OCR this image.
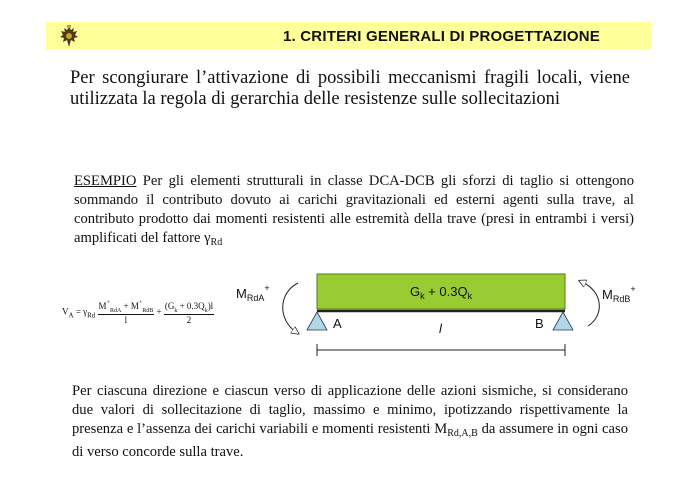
1. CRITERI GENERALI DI PROGETTAZIONE
Per scongiurare l’attivazione di possibili meccanismi fragili locali, viene utilizzata la regola di gerarchia delle resistenze sulle sollecitazioni
ESEMPIO Per gli elementi strutturali in classe DCA-DCB gli sforzi di taglio si ottengono sommando il contributo dovuto ai carichi gravitazionali ed esterni agenti sulla trave, al contributo prodotto dai momenti resistenti alle estremità della trave (presi in entrambi i versi) amplificati del fattore $\gamma_{Rd}$
$V_A = \gamma_{Rd} \frac{M^+_{RdA} + M^+_{RdB}}{l} + \frac{(G_k + 0.3Q_k)l}{2}$
$G_k + 0.3Q_k$
A	B
l
$M_{RdA}^+$	$M_{RdB}^+$
Per ciascuna direzione e ciascun verso di applicazione delle azioni sismiche, si considerano due valori di sollecitazione di taglio, massimo e minimo, ipotizzando rispettivamente la presenza e l’assenza dei carichi variabili e momenti resistenti $M_{Rd,A,B}$ da assumere in ogni caso di verso concorde sulla trave.
